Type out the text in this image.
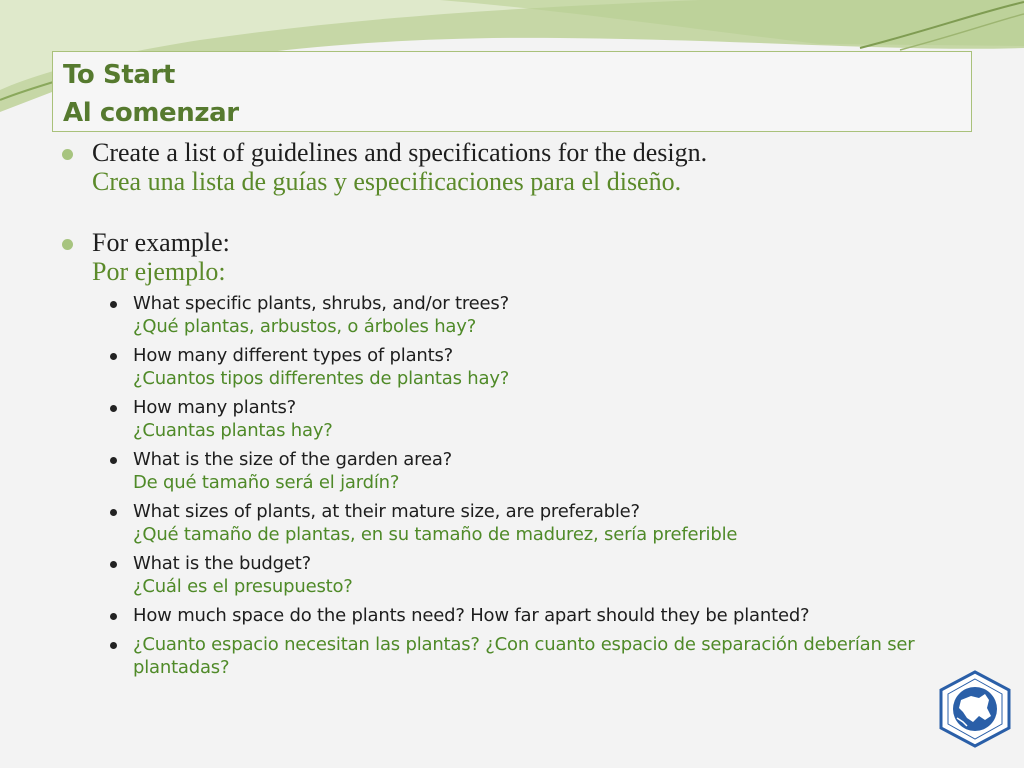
To Start

Al comenzar

Create a list of guidelines and specifications for the design.
Crea una lista de guías y especificaciones para el diseño.
For example:
Por ejemplo:
What specific plants, shrubs, and/or trees?
¿Qué plantas, arbustos, o árboles hay?
How many different types of plants?
¿Cuantos tipos differentes de plantas hay?
How many plants?
¿Cuantas plantas hay?
What is the size of the garden area?
De qué tamaño será el jardín?
What sizes of plants, at their mature size, are preferable?
¿Qué tamaño de plantas, en su tamaño de madurez, sería preferible
What is the budget?
¿Cuál es el presupuesto?
How much space do the plants need? How far apart should they be planted?
¿Cuanto espacio necesitan las plantas? ¿Con cuanto espacio de separación deberían ser plantadas?
